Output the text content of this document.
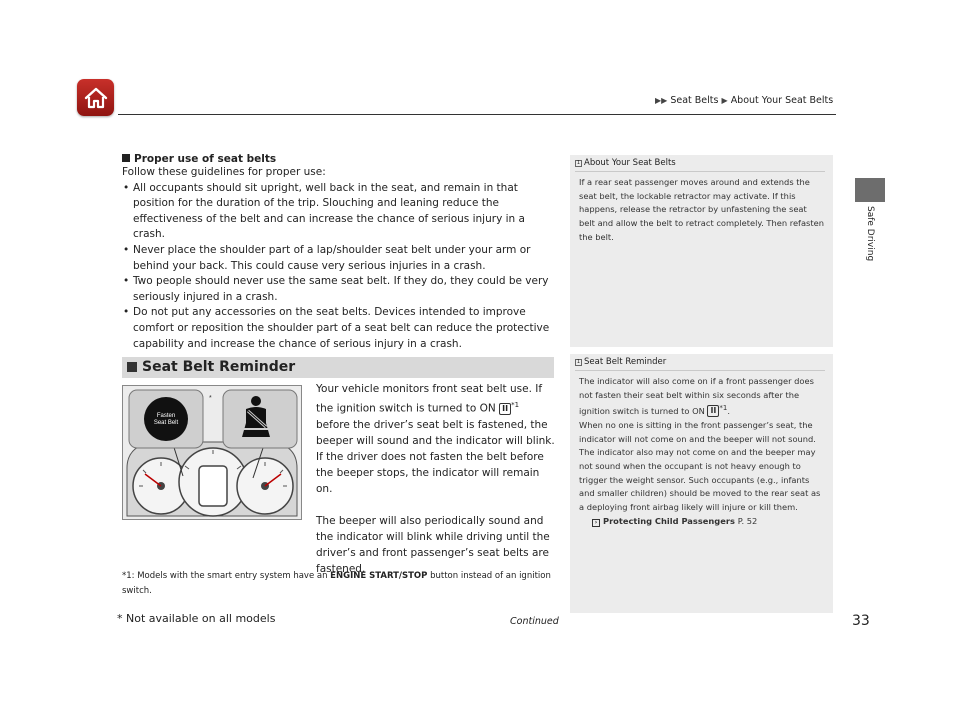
▶▶ Seat Belts ▶ About Your Seat Belts
Safe Driving
Proper use of seat belts
Follow these guidelines for proper use:
• All occupants should sit upright, well back in the seat, and remain in that position for the duration of the trip. Slouching and leaning reduce the effectiveness of the belt and can increase the chance of serious injury in a crash.
• Never place the shoulder part of a lap/shoulder seat belt under your arm or behind your back. This could cause very serious injuries in a crash.
• Two people should never use the same seat belt. If they do, they could be very seriously injured in a crash.
• Do not put any accessories on the seat belts. Devices intended to improve comfort or reposition the shoulder part of a seat belt can reduce the protective capability and increase the chance of serious injury in a crash.
Seat Belt Reminder
Fasten
Seat Belt
*

Your vehicle monitors front seat belt use. If the ignition switch is turned to ON II $^{*1}$ before the driver’s seat belt is fastened, the beeper will sound and the indicator will blink. If the driver does not fasten the belt before the beeper stops, the indicator will remain on.

The beeper will also periodically sound and the indicator will blink while driving until the driver’s and front passenger’s seat belts are fastened.

*1: Models with the smart entry system have an ENGINE START/STOP button instead of an ignition switch.
1 About Your Seat Belts
If a rear seat passenger moves around and extends the seat belt, the lockable retractor may activate. If this happens, release the retractor by unfastening the seat belt and allow the belt to retract completely. Then refasten the belt.
1 Seat Belt Reminder
The indicator will also come on if a front passenger does not fasten their seat belt within six seconds after the ignition switch is turned to ON II $^{*1}$.
When no one is sitting in the front passenger’s seat, the indicator will not come on and the beeper will not sound. The indicator also may not come on and the beeper may not sound when the occupant is not heavy enough to trigger the weight sensor. Such occupants (e.g., infants and smaller children) should be moved to the rear seat as a deploying front airbag likely will injure or kill them.
› Protecting Child Passengers P. 52
* Not available on all models	Continued	33
